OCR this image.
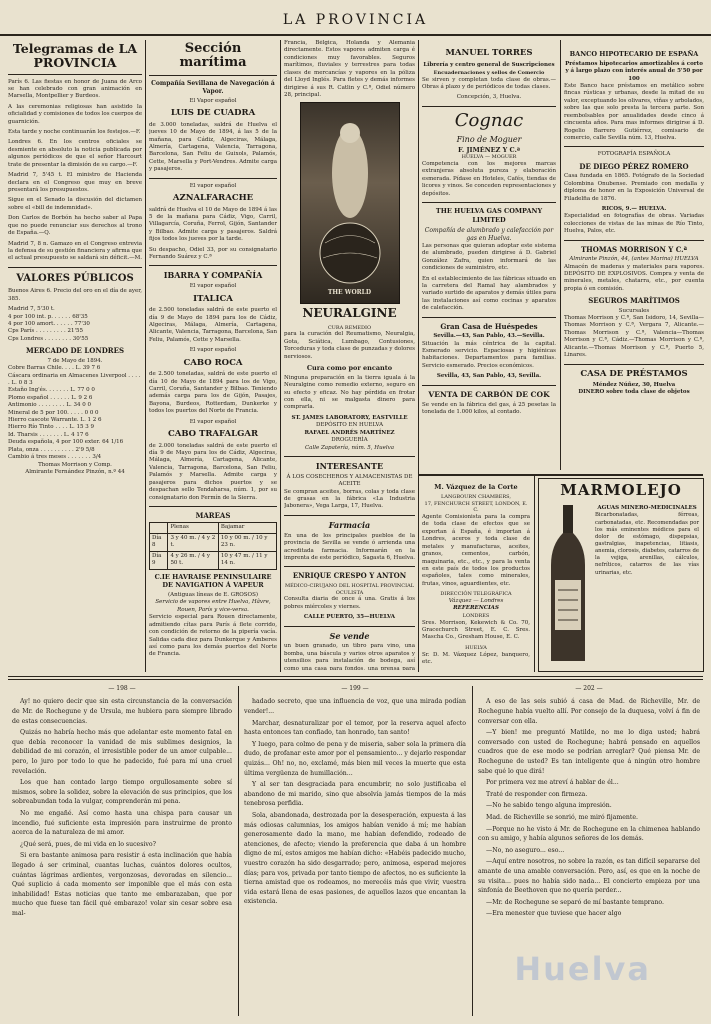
LA PROVINCIA
Telegramas de LA PROVINCIA

París 6. Las fiestas en honor de Juana de Arco se han celebrado con gran animación en Marsella, Montpellier y Burdeos.

A las ceremonias religiosas han asistido la oficialidad y comisiones de todos los cuerpos de guarnición.

Esta tarde y noche continuarán los festejos.—F.

Londres 6. En los centros oficiales se desmiente en absoluto la noticia publicada por algunos periódicos de que el señor Harcourt trate de presentar la dimisión de su cargo.—F.

Madrid 7, 5'45 t. El ministro de Hacienda declara en el Congreso que muy en breve presentará los presupuestos.

Sigue en el Senado la discusión del dictamen sobre el «bill de indemnidad».

Don Carlos de Borbón ha hecho saber al Papa que no puede renunciar sus derechos al trono de España.—Q.

Madrid 7, 8 n. Gamazo en el Congreso entrevia la defensa de su gestión financiera y afirma que el actual presupuesto se saldará sin déficit.—M.

VALORES PÚBLICOS

Buenos Aires 6. Precio del oro en el día de ayer, 385.

Madrid 7, 5'30 t.
4 por 100 int. p. . . . . . 68'35
4 por 100 amort. . . . . . 77'30
Cps París . . . . . . . . . 21'55
Cps Londres . . . . . . . . 30'55
MERCADO DE LONDRES
7 de Mayo de 1894.
Cobre Barras Chile. . . . L. 39 7 6
Cáscara ordinaria en Almacenes Liverpool . . . . . L. 0 8 3
Estaño Ing'és. . . . . . . L. 77 0 0
Plomo español . . . . . . L. 9 2 6
Antimonio . . . . . . . . L. 34 0 0
Mineral de 5 por 100. . . . . 0 0 0
Hierro cascote Warrante. L. 1 2 6
Hierro Río Tinto . . . . L. 15 3 9
Id. Tharsis . . . . . . . L. 4 17 6
Deuda española, 4 por 100 exter. 64 1/16
Plata, onza . . . . . . . . . . 2'9 5/8
Cambio á tres meses . . . . . . . 3/4
Thomas Morrison y Comp.
Almirante Fernández Pinzón, n.º 44
Sección marítima
Compañía Sevillana de Navegación á Vapor.
El Vapor español
LUIS DE CUADRA

de 3.000 toneladas, saldrá de Huelva el jueves 10 de Mayo de 1894, á las 5 de la mañana, para Cádiz, Algeciras, Málaga, Almería, Cartagena, Valencia, Tarragona, Barcelona, San Feliu de Guixols, Palamós, Cette, Marsella y Port-Vendres. Admite carga y pasajeros.

El vapor español
AZNALFARACHE

saldrá de Huelva el 10 de Mayo de 1894 á las 5 de la mañana para Cádiz, Vigo, Carril, Villagarcía, Coruña, Ferrol, Gijón, Santander y Bilbao. Admite carga y pasajeros. Saldrá fijos todos los jueves por la tarde.

Su despacho, Odiel 33, por su consignatario Fernando Suárez y C.ª

IBARRA Y COMPAÑÍA
El vapor español
ITALICA

de 2.500 toneladas saldrá de este puerto el día 9 de Mayo de 1894 para los de Cádiz, Algeciras, Málaga, Almería, Cartagena, Alicante, Valencia, Tarragona, Barcelona, San Feliu, Palamós, Cette y Marsella.

El vapor español
CABO ROCA

de 2.500 toneladas, saldrá de este puerto el día 10 de Mayo de 1894 para los de Vigo, Carril, Coruña, Santander y Bilbao. Teniendo además carga para los de Gijón, Pasajes, Bayona, Burdeos, Rotterdam, Dunkerke y todos los puertos del Norte de Francia.

El vapor español
CABO TRAFALGAR

de 2.000 toneladas saldrá de este puerto el día 9 de Mayo para los de Cádiz, Algeciras, Málaga, Almería, Cartagena, Alicante, Valencia, Tarragona, Barcelona, San Feliu, Palamós y Marsella. Admite carga y pasajeros para dichos puertos y se despachan sello Tendaharsa, núm. 1, por su consignatario don Fermín de la Sierra.

MAREAS
	Plenas	Bajamar
Día 8	3 y 40 m. / 4 y 2 t.	10 y 00 m. / 10 y 23 n.
Día 9	4 y 26 m. / 4 y 50 t.	10 y 47 m. / 11 y 14 n.
C.IE HAVRAISE PENINSULAIRE DE NAVIGATION Á VAPEUR
(Antiguas líneas de E. GROSOS)
Servicio de vapores entre Huelva, Hâvre, Rouen, París y vice-versa.

Servicio especial para Rouen directamente, admitiendo cítas para París á flete corrido, con condición de retorno de la pipería vacía. Salidas cada diez para Dunkerque y Amberes así como para los demás puertos del Norte de Francia.

Francia, Bélgica, Holanda y Alemania directamente. Estos vapores admiten carga é condiciones muy favorables. Seguros marítimos, fluviales y terrestres para todas clases de mercancías y vapores en la póliza del Lloyd Inglés. Para fletes y demás informes dirigirse á sus R. Catlin y C.ª, Odiel número 28, principal.

THE WORLD
NEURALGINE
CURA REMEDIO

para la curación del Reumatismo, Neuralgia, Gota, Sciática, Lumbago, Contusiones, Torceduras y toda clase de punzadas y dolores nerviosos.

Cura como por encanto

Ninguna preparación en la tierra iguala á la Neuralgine como remedio externo, seguro en su efecto y eficaz. No hay pérdida en frotar con ella, ni se malgasta dinero para comprarla.

ST. JAMES LABORATORY, EASTVILLE
DEPÓSITO EN HUELVA
RAFAEL ANDRÉS MARTÍNEZ
DROGUERÍA
Calle Zapatería, núm. 5, Huelva
INTERESANTE
Á LOS COSECHEROS Y ALMACENISTAS DE ACEITE

Se compran aceites, borras, colas y toda clase de grasas en la fábrica «La Industria Jabonera», Vega Larga, 17, Huelva.

Farmacia

En una de los principales pueblos de la provincia de Sevilla se vende ó arrienda una acreditada farmacia. Informarán en la imprenta de este periódico, Sagasta 6, Huelva.

ENRIQUE CRESPO Y ANTON
MÉDICO-CIRUJANO DEL HOSPITAL PROVINCIAL
OCULISTA

Consulta diaria de once á una. Gratis á los pobres miércoles y viernes.

CALLE PUERTO, 35—HUELVA
Se vende

un buen granado, un tibro para vino, una bomba, una báscula y varios otros aparatos y utensilios para instalación de bodega, así como una casa para fondos, una prensa para

MANUEL TORRES
Librería y centro general de Suscripciones
Encuadernaciones y sellos de Comercio

Se sirven y completan toda clase de obras.—Obras á plazo y de periódicos de todas clases.

Concepción, 3, Huelva.
Cognac
Fino de Moguer
F. JIMÉNEZ Y C.ª
HUELVA — MOGUER

Competencia con los mejores marcas extranjeras absoluta pureza y elaboración esmerada. Pídase en Hoteles, Cafés, tiendas de licores y vinos. Se conceden representaciones y depósitos.

THE HUELVA GAS COMPANY LIMITED
Compañía de alumbrado y calefacción por gas en Huelva.

Las personas que quieran adoptar este sistema de alumbrado, pueden dirigirse á D. Gabriel González Zafra, quien informará de las condiciones de suministro, etc.

En el establecimiento de las fábricas situado en la carretera del Ramal hay alambrados y variado surtido de aparatos y demás útiles para las instalaciones así como cocinas y aparatos de calefacción.

Gran Casa de Huéspedes
Sevilla.—43, San Pablo, 43.—Sevilla.

Situación la más céntrica de la capital. Esmerado servicio. Espaciosas y higiénicas habitaciones. Departamentos para familias. Servicio esmerado. Precios económicos.

Sevilla, 43, San Pablo, 43, Sevilla.
VENTA DE CARBÓN DE COK

Se vende en la fábrica del gas, á 25 pesetas la tonelada de 1.000 kilos, al contado.

BANCO HIPOTECARIO DE ESPAÑA
Préstamos hipotecarios amortizables á corto y á largo plazo con interés anual de 5'50 por 100

Este Banco hace préstamos en metálico sobre fincas rústicas y urbanas, desde la mitad de su valor, exceptuando los olivares, viñas y arbolados, sobre las que solo presta la tercera parte. Son reembolsables por anualidades desde cinco á cincuenta años. Para mas informes dirigirse á D. Rogelio Barrero Gutiérrez, comisario de comercio, calle Sevilla núm. 13, Huelva.

FOTOGRAFÍA ESPAÑOLA
DE DIEGO PÉREZ ROMERO

Casa fundada en 1865. Fotógrafo de la Sociedad Colombina Onubense. Premiado con medalla y diploma de honor en la Exposición Universal de Filadelfia de 1876.

RICOS, 9.— HUELVA.

Especialidad en fotografías de obras. Variadas colecciones de vistas de las minas de Río Tinto, Huelva, Palos, etc.

THOMAS MORRISON Y C.ª
Almirante Pinzón, 44, (antes Marina) HUELVA

Almacén de maderas y materiales para vapores. DEPÓSITO DE EXPLOSIVOS. Compra y venta de minerales, metales, chatarra, etc., por cuenta propia ó en comisión.

SEGUROS MARÍTIMOS
Sucursales

Thomas Morrison y C.ª, San Isidoro, 14, Sevilla—Thomas Morrison y C.ª, Vergara 7, Alicante.—Thomas Morrison y C.ª, Valencia—Thomas Morrison y C.ª, Cádiz.—Thomas Morrison y C.ª, Alicante.—Thomas Morrison y C.ª, Puerto 5, Linares.

CASA DE PRÉSTAMOS
Méndez Núñez, 30, Huelva
DINERO sobre toda clase de objetos
M. Vázquez de la Corte
LANGBOURN CHAMBERS,
17, FENCHURCH STREET, LONDON, E. C.

Agente Comisionista para la compra de toda clase de efectos que se exportan á España, é importan á Londres, aceros y toda clase de metales y manufacturas, aceites, granos, cementos, carbón, maquinaria, etc., etc., y para la venta en este país de todos los productos españoles, tales como minerales, frutas, vinos, aguardientes, etc.

DIRECCIÓN TELEGRÁFICA
Vázquez — Londres
REFERENCIAS
LONDRES

Sres. Morrison, Kekewich & Co. 70, Gracechurch Street, E. C. Sres. Mascha Co., Gresham House, E. C.

HUELVA

Sr. D. M. Vázquez López, banquero, etc.

MARMOLEJO
AGUAS MINERO-MEDICINALES

Bicarbonatadas, férreas, carbonatadas, etc. Recomendadas por los más eminentes médicos para el dolor de estómago, dispepsias, gastralgias, inapetencias, litiasis, anemia, clorosis, diabetes, catarros de la vejiga, arenillas, cálculos, nefríticos, catarros de las vías urinarias, etc.

— 198 —

Ay! no quiero decir que sin esta circunstancia de la conversación de Mr. de Rochegune y de Ursula, me hubiera para siempre librado de estas consecuencias.

Quizás no habría hecho más que adelantar este momento fatal en que debía reconocer la vanidad de mis sublimes designios, la debilidad de mi corazón, el irresistible poder de un amor culpable... pero, lo juro por todo lo que he padecido, fué para mí una cruel revelación.

Los que han contado largo tiempo orgullosamente sobre sí mismos, sobre la solidez, sobre la elevación de sus principios, que los sobreabundan toda la vulgar, comprenderán mi pena.

No me engañé. Así como hasta una chispa para causar un incendio, fué suficiente esta impresión para instruirme de pronto acerca de la naturaleza de mi amor.

¿Qué será, pues, de mi vida en lo sucesivo?

Si era bastante animosa para resistir á esta inclinación que había llegado á ser criminal, cuantas luchas, cuántos dolores ocultos, cuántas lágrimas ardientes, vergonzosas, devoradas en silencio... Qué suplicio á cada momento ser imponible que el más con esta inhabilidad! Estas noticias que tanto me embarazaban, que por mucho que fuese tan fácil qué embarazo! volar sin cesar sobre esa mal-

— 199 —

hadado secreto, que una influencia de voz, que una mirada podían vender!...

Marchar, desnaturalizar por el temor, por la reserva aquel afecto hasta entonces tan confiado, tan honrado, tan santo!

Y luego, para colmo de pena y de miseria, saber sola la primera día dudo, de profanar este amor por el pensamiento... y dejarlo respondar quizás... Oh! no, no, exclamé, más bien mil veces la muerte que esta última vergüenza de humillación...

Y al ser tan desgraciada para encumbrir, no solo justificaba el abandono de mi marido, sino que absolvía jamás tiempos de la más tenebrosa perfidia.

Sola, abandonada, destrozada por la desesperación, expuesta á las más odiosas calumnias, los amigos habían venido á mí; me habían generosamente dado la mano, me habían defendido, rodeado de atenciones, de afecto; viendo la preferencia que daba á un hombre digno de mí, estos amigos me habían dicho: «Habéis padecido mucho, vuestro corazón ha sido desgarrado; pero, animosa, esperad mejores días; para vos, privada por tanto tiempo de afectos, no es suficiente la tierna amistad que os rodeamos, no merecéis más que vivir, vuestra vida estará llena de esas pasiones, de aquellos lazos que encantan la existencia.

— 202 —

A eso de las seis subió á casa de Mad. de Richeville, Mr. de Rochegune había vuelto allí. Por consejo de la duquesa, volví á fin de conversar con ella.

—Y bien! me preguntó Matilde, no me lo diga usted; habrá conversado con usted de Rochegune; habrá pensado en aquellos cuadros que de ese modo se podrían arreglar? Qué piensa Mr. de Rochegune de usted? Es tan inteligente que á ningún otro hombre sabe qué lo que dirá!

Por primera vez me atreví á hablar de él...

Traté de responder con firmeza.

—No he sabido tengo alguna impresión.

Mad. de Richeville se sonrió, me miró fijamente.

—Porque no he visto á Mr. de Rochegune en la chimenea hablando con su amigo, y había algunos señores de los demás.

—No, no aseguro... eso...

—Aquí entre nosotros, no sobre la razón, es tan difícil separarse del amante de una amable conversación. Pero, así, es que en la noche de su visita... pues no había sido nada... El concierto empieza por una sinfonía de Beethoven que no quería perder...

—Mr. de Rochegune se separó de mí bastante temprano.

—Era menester que tuviese que hacer algo

Huelva
